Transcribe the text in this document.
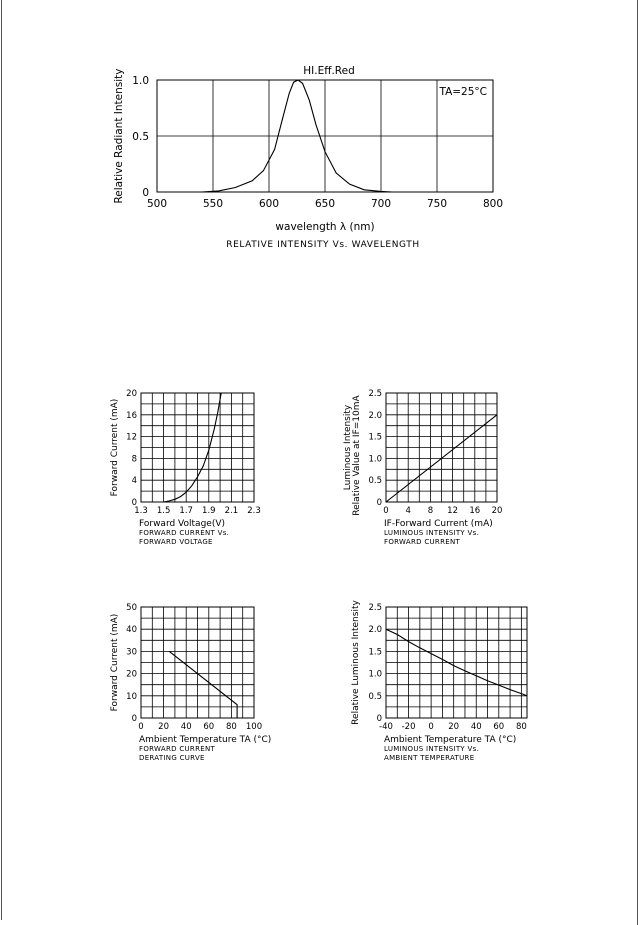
500	550	600	650	700	750	800
0
0.5
1.0
HI.Eff.Red
TA=25°C
wavelength λ (nm)
Relative Radiant Intensity
RELATIVE INTENSITY Vs. WAVELENGTH
1.3 1.5 1.7 1.9 2.1 2.3
0
4
8
12
16
20
Forward Voltage(V)
Forward Current (mA)
FORWARD CURRENT Vs.
FORWARD VOLTAGE
0 4 8 12 16 20
0
0.5
1.0
1.5
2.0
2.5
IF-Forward Current (mA)
Luminous Intensity Relative Value at IF=10mA
LUMINOUS INTENSITY Vs.
FORWARD CURRENT
0 20 40 60 80 100
0
10
20
30
40
50
Ambient Temperature TA (°C)
Forward Current (mA)
FORWARD CURRENT
DERATING CURVE
-40 -20 0 20 40 60 80
0
0.5
1.0
1.5
2.0
2.5
Ambient Temperature TA (°C)
Relative Luminous Intensity
LUMINOUS INTENSITY Vs.
AMBIENT TEMPERATURE
